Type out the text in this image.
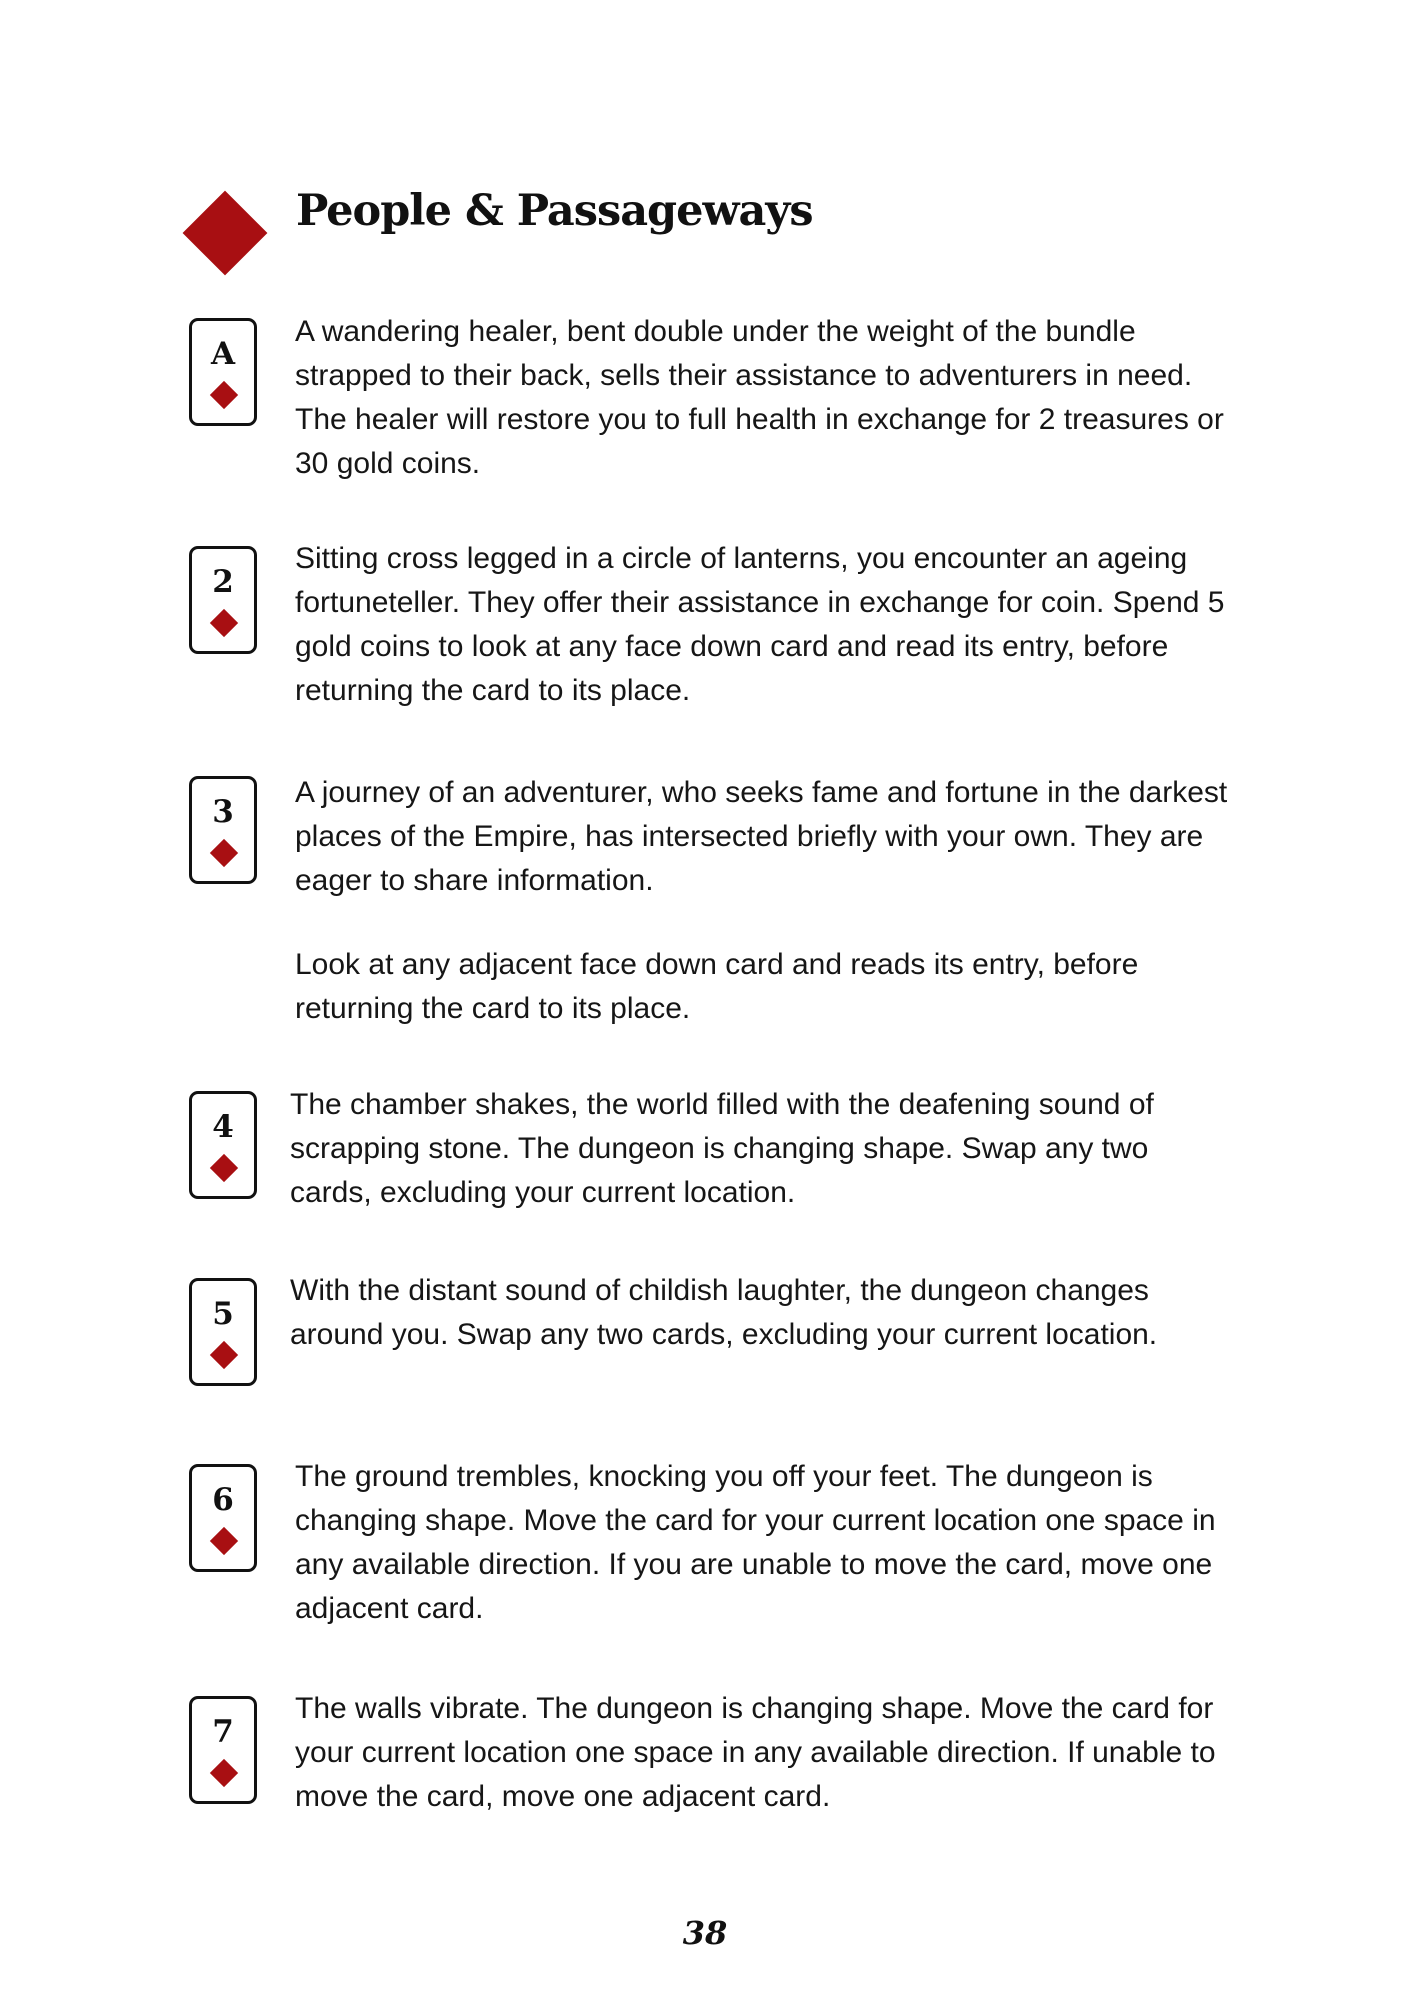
People & Passageways
A

A wandering healer, bent double under the weight of the bundle strapped to their back, sells their assistance to adventurers in need. The healer will restore you to full health in exchange for 2 treasures or 30 gold coins.

2

Sitting cross legged in a circle of lanterns, you encounter an ageing fortuneteller. They offer their assistance in exchange for coin. Spend 5 gold coins to look at any face down card and read its entry, before returning the card to its place.

3

A journey of an adventurer, who seeks fame and fortune in the darkest places of the Empire, has intersected briefly with your own. They are eager to share information.

Look at any adjacent face down card and reads its entry, before returning the card to its place.

4

The chamber shakes, the world filled with the deafening sound of scrapping stone. The dungeon is changing shape. Swap any two cards, excluding your current location.

5

With the distant sound of childish laughter, the dungeon changes around you. Swap any two cards, excluding your current location.

6

The ground trembles, knocking you off your feet. The dungeon is changing shape. Move the card for your current location one space in any available direction. If you are unable to move the card, move one adjacent card.

7

The walls vibrate. The dungeon is changing shape. Move the card for your current location one space in any available direction. If unable to move the card, move one adjacent card.

38
